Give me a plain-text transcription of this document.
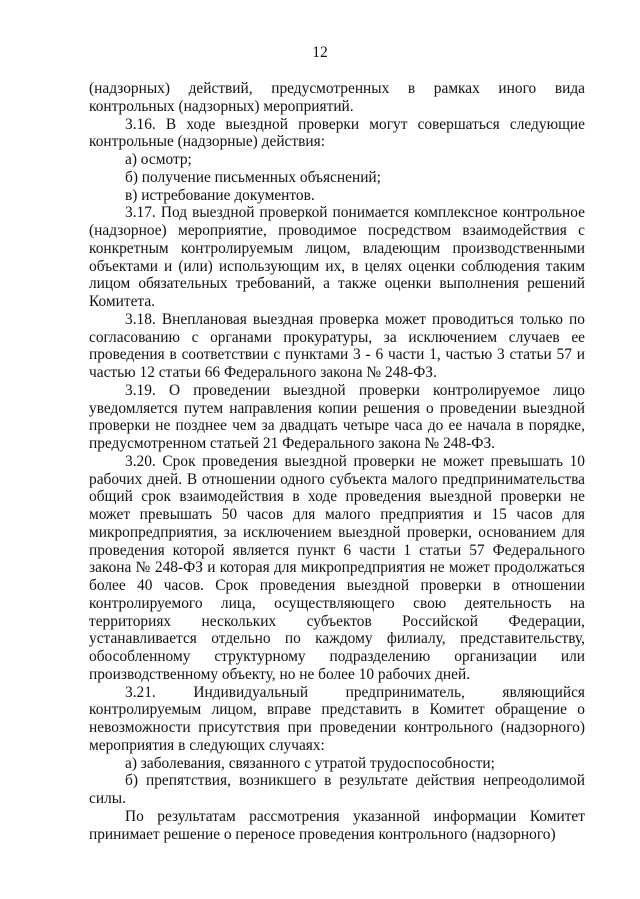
12

(надзорных) действий, предусмотренных в рамках иного вида контрольных (надзорных) мероприятий.

3.16. В ходе выездной проверки могут совершаться следующие контрольные (надзорные) действия:

а) осмотр;

б) получение письменных объяснений;

в) истребование документов.

3.17. Под выездной проверкой понимается комплексное контрольное (надзорное) мероприятие, проводимое посредством взаимодействия с конкретным контролируемым лицом, владеющим производственными объектами и (или) использующим их, в целях оценки соблюдения таким лицом обязательных требований, а также оценки выполнения решений Комитета.

3.18. Внеплановая выездная проверка может проводиться только по согласованию с органами прокуратуры, за исключением случаев ее проведения в соответствии с пунктами 3 - 6 части 1, частью 3 статьи 57 и частью 12 статьи 66 Федерального закона № 248-ФЗ.

3.19. О проведении выездной проверки контролируемое лицо уведомляется путем направления копии решения о проведении выездной проверки не позднее чем за двадцать четыре часа до ее начала в порядке, предусмотренном статьей 21 Федерального закона № 248-ФЗ.

3.20. Срок проведения выездной проверки не может превышать 10 рабочих дней. В отношении одного субъекта малого предпринимательства общий срок взаимодействия в ходе проведения выездной проверки не может превышать 50 часов для малого предприятия и 15 часов для микропредприятия, за исключением выездной проверки, основанием для проведения которой является пункт 6 части 1 статьи 57 Федерального закона № 248-ФЗ и которая для микропредприятия не может продолжаться более 40 часов. Срок проведения выездной проверки в отношении контролируемого лица, осуществляющего свою деятельность на территориях нескольких субъектов Российской Федерации, устанавливается отдельно по каждому филиалу, представительству, обособленному структурному подразделению организации или производственному объекту, но не более 10 рабочих дней.

3.21. Индивидуальный предприниматель, являющийся контролируемым лицом, вправе представить в Комитет обращение о невозможности присутствия при проведении контрольного (надзорного) мероприятия в следующих случаях:

а) заболевания, связанного с утратой трудоспособности;

б) препятствия, возникшего в результате действия непреодолимой силы.

По результатам рассмотрения указанной информации Комитет принимает решение о переносе проведения контрольного (надзорного)
